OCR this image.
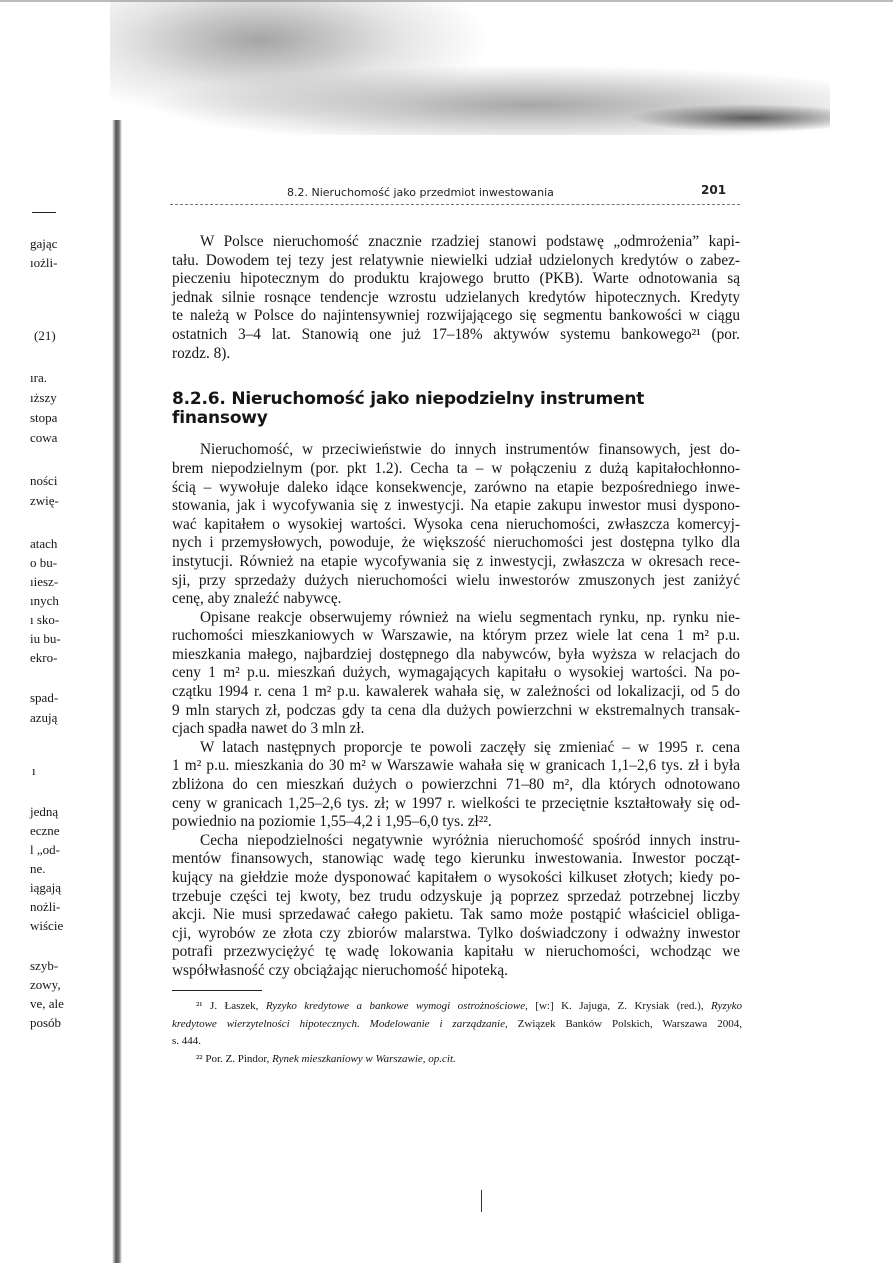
gając
ıożli-
(21)
ıra.
ıższy
stopa
cowa
ności
zwię-
atach
o bu-
ıiesz-
ınych
ı sko-
iu bu-
ekro-
spad-
azują
ı
jedną
eczne
l „od-
ne.
iągają
nożli-
wiście
szyb-
zowy,
ve, ale
posób
8.2. Nieruchomość jako przedmiot inwestowania	201
W Polsce nieruchomość znacznie rzadziej stanowi podstawę „odmrożenia” kapi-
tału. Dowodem tej tezy jest relatywnie niewielki udział udzielonych kredytów o zabez-
pieczeniu hipotecznym do produktu krajowego brutto (PKB). Warte odnotowania są
jednak silnie rosnące tendencje wzrostu udzielanych kredytów hipotecznych. Kredyty
te należą w Polsce do najintensywniej rozwijającego się segmentu bankowości w ciągu
ostatnich 3–4 lat. Stanowią one już 17–18% aktywów systemu bankowego²¹ (por.
rozdz. 8).
8.2.6. Nieruchomość jako niepodzielny instrument finansowy
Nieruchomość, w przeciwieństwie do innych instrumentów finansowych, jest do-
brem niepodzielnym (por. pkt 1.2). Cecha ta – w połączeniu z dużą kapitałochłonno-
ścią – wywołuje daleko idące konsekwencje, zarówno na etapie bezpośredniego inwe-
stowania, jak i wycofywania się z inwestycji. Na etapie zakupu inwestor musi dyspono-
wać kapitałem o wysokiej wartości. Wysoka cena nieruchomości, zwłaszcza komercyj-
nych i przemysłowych, powoduje, że większość nieruchomości jest dostępna tylko dla
instytucji. Również na etapie wycofywania się z inwestycji, zwłaszcza w okresach rece-
sji, przy sprzedaży dużych nieruchomości wielu inwestorów zmuszonych jest zaniżyć
cenę, aby znaleźć nabywcę.
Opisane reakcje obserwujemy również na wielu segmentach rynku, np. rynku nie-
ruchomości mieszkaniowych w Warszawie, na którym przez wiele lat cena 1 m² p.u.
mieszkania małego, najbardziej dostępnego dla nabywców, była wyższa w relacjach do
ceny 1 m² p.u. mieszkań dużych, wymagających kapitału o wysokiej wartości. Na po-
czątku 1994 r. cena 1 m² p.u. kawalerek wahała się, w zależności od lokalizacji, od 5 do
9 mln starych zł, podczas gdy ta cena dla dużych powierzchni w ekstremalnych transak-
cjach spadła nawet do 3 mln zł.
W latach następnych proporcje te powoli zaczęły się zmieniać – w 1995 r. cena
1 m² p.u. mieszkania do 30 m² w Warszawie wahała się w granicach 1,1–2,6 tys. zł i była
zbliżona do cen mieszkań dużych o powierzchni 71–80 m², dla których odnotowano
ceny w granicach 1,25–2,6 tys. zł; w 1997 r. wielkości te przeciętnie kształtowały się od-
powiednio na poziomie 1,55–4,2 i 1,95–6,0 tys. zł²².
Cecha niepodzielności negatywnie wyróżnia nieruchomość spośród innych instru-
mentów finansowych, stanowiąc wadę tego kierunku inwestowania. Inwestor począt-
kujący na giełdzie może dysponować kapitałem o wysokości kilkuset złotych; kiedy po-
trzebuje części tej kwoty, bez trudu odzyskuje ją poprzez sprzedaż potrzebnej liczby
akcji. Nie musi sprzedawać całego pakietu. Tak samo może postąpić właściciel obliga-
cji, wyrobów ze złota czy zbiorów malarstwa. Tylko doświadczony i odważny inwestor
potrafi przezwyciężyć tę wadę lokowania kapitału w nieruchomości, wchodząc we
współwłasność czy obciążając nieruchomość hipoteką.
²¹ J. Łaszek, Ryzyko kredytowe a bankowe wymogi ostrożnościowe, [w:] K. Jajuga, Z. Krysiak (red.), Ryzyko
kredytowe wierzytelności hipotecznych. Modelowanie i zarządzanie, Związek Banków Polskich, Warszawa 2004,
s. 444.
²² Por. Z. Pindor, Rynek mieszkaniowy w Warszawie, op.cit.
